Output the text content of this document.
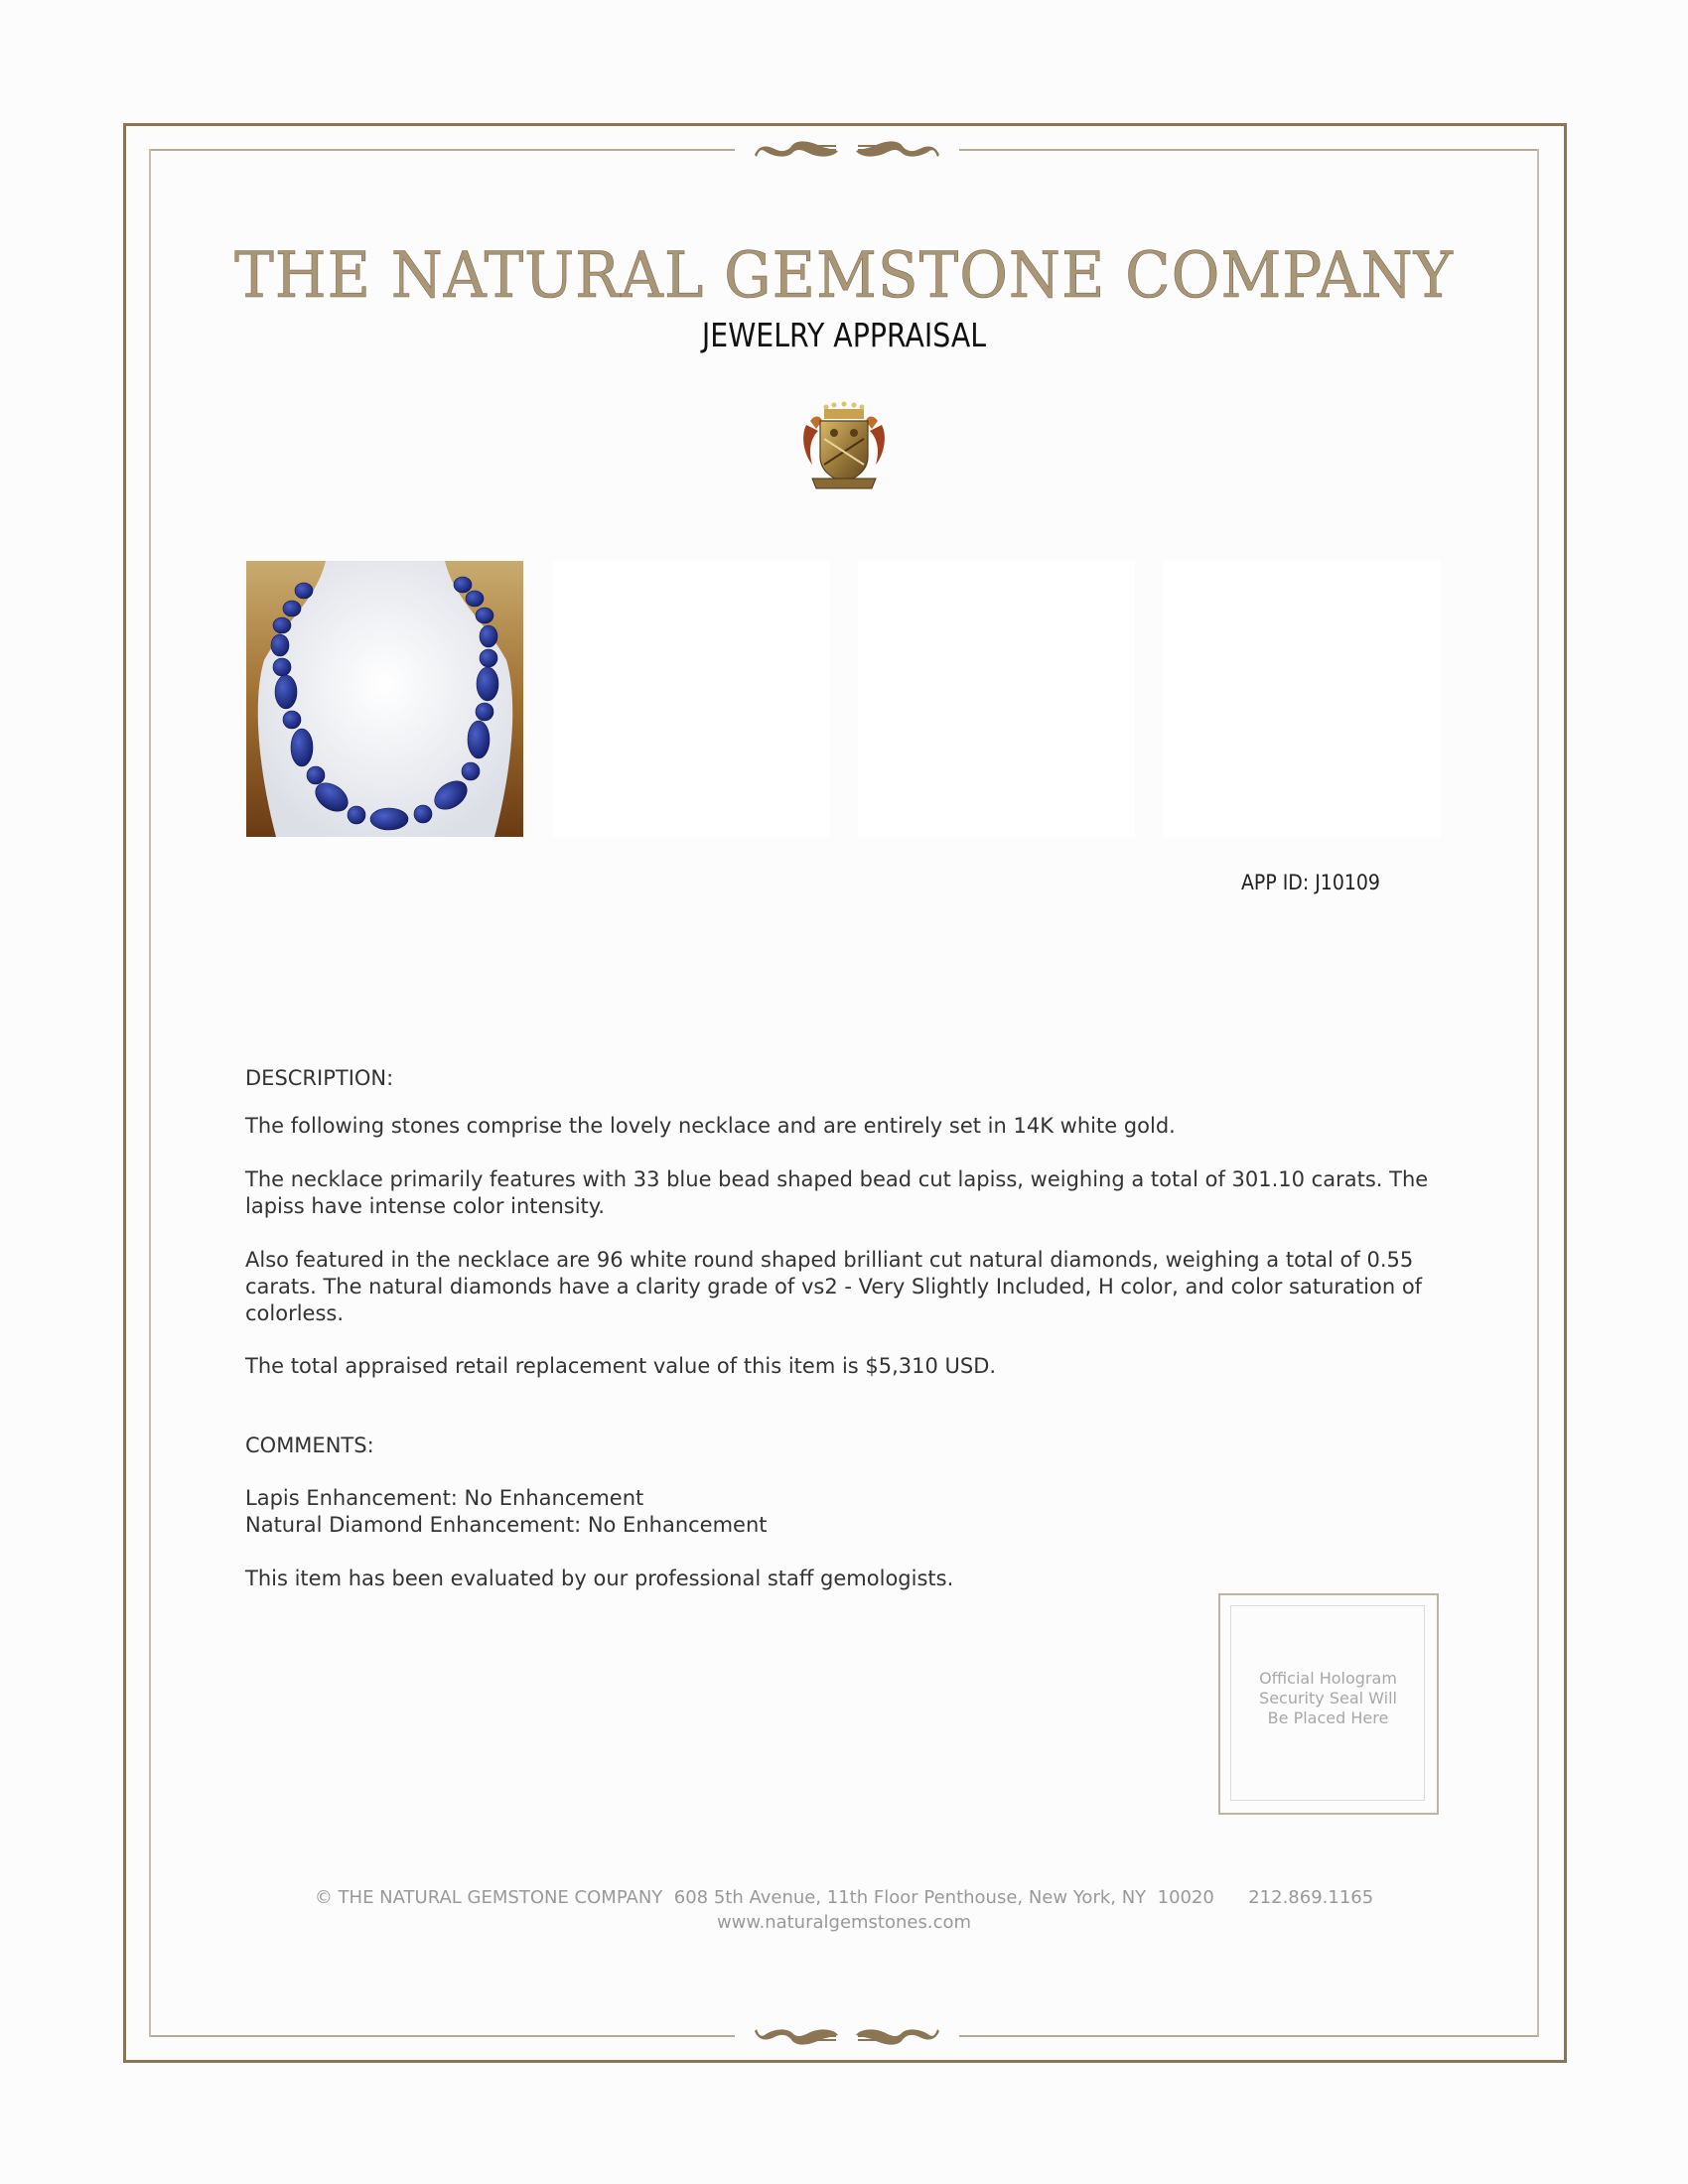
THE NATURAL GEMSTONE COMPANY
JEWELRY APPRAISAL
APP ID: J10109
DESCRIPTION:
The following stones comprise the lovely necklace and are entirely set in 14K white gold.
The necklace primarily features with 33 blue bead shaped bead cut lapiss, weighing a total of 301.10 carats. The lapiss have intense color intensity.
Also featured in the necklace are 96 white round shaped brilliant cut natural diamonds, weighing a total of 0.55 carats. The natural diamonds have a clarity grade of vs2 - Very Slightly Included, H color, and color saturation of colorless.
The total appraised retail replacement value of this item is $5,310 USD.
COMMENTS:
Lapis Enhancement: No Enhancement
Natural Diamond Enhancement: No Enhancement
This item has been evaluated by our professional staff gemologists.
Official Hologram
Security Seal Will
Be Placed Here
© THE NATURAL GEMSTONE COMPANY  608 5th Avenue, 11th Floor Penthouse, New York, NY  10020      212.869.1165
www.naturalgemstones.com
